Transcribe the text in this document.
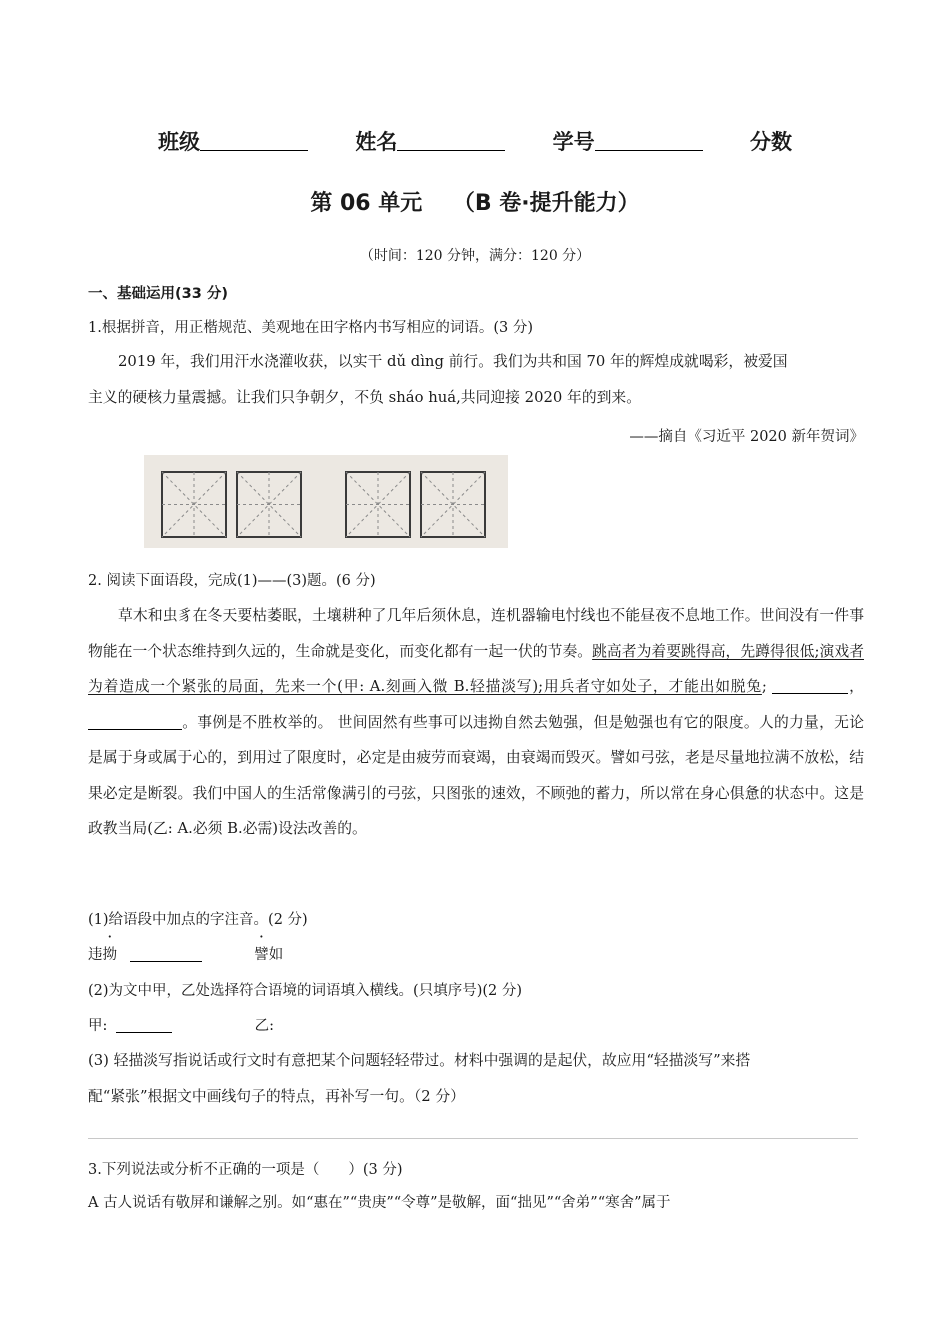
班级	姓名	学号	分数
第 06 单元    （B 卷·提升能力）
（时间：120 分钟，满分：120 分）
一、基础运用(33 分)
1.根据拼音，用正楷规范、美观地在田字格内书写相应的词语。(3 分)

2019 年，我们用汗水浇灌收获，以实干 dǔ dìng 前行。我们为共和国 70 年的辉煌成就喝彩，被爱国

主义的硬核力量震撼。让我们只争朝夕，不负 sháo huá,共同迎接 2020 年的到来。

——摘自《习近平 2020 新年贺词》
2. 阅读下面语段，完成(1)——(3)题。(6 分)

草木和虫豸在冬天要枯萎眠，土壤耕种了几年后须休息，连机器输电忖线也不能昼夜不息地工作。世间没有一件事物能在一个状态维持到久远的，生命就是变化，而变化都有一起一伏的节奏。跳高者为着要跳得高，先蹲得很低;演戏者为着造成一个紧张的局面，先来一个(甲: A.刻画入微 B.轻描淡写);用兵者守如处子，才能出如脱兔;	，。事例是不胜枚举的。 世间固然有些事可以违拗自然去勉强，但是勉强也有它的限度。人的力量，无论是属于身或属于心的，到用过了限度时，必定是由疲劳而衰竭，由衰竭而毁灭。譬如弓弦，老是尽量地拉满不放松，结果必定是断裂。我们中国人的生活常像满引的弓弦，只图张的速效，不顾弛的蓄力，所以常在身心俱惫的状态中。这是政教当局(乙: A.必须 B.必需)设法改善的。

(1)给语段中加点的字注音。(2 分)
违拗	譬如
(2)为文中甲，乙处选择符合语境的词语填入横线。(只填序号)(2 分)
甲:	乙:

(3) 轻描淡写指说话或行文时有意把某个问题轻轻带过。材料中强调的是起伏，故应用“轻描淡写”来搭

配“紧张”根据文中画线句子的特点，再补写一句。（2 分）

3.下列说法或分析不正确的一项是（　　）(3 分)
A 古人说话有敬屏和谦解之别。如“惠在”“贵庚”“令尊”是敬解，面“拙见”“舍弟”“寒舍”属于
